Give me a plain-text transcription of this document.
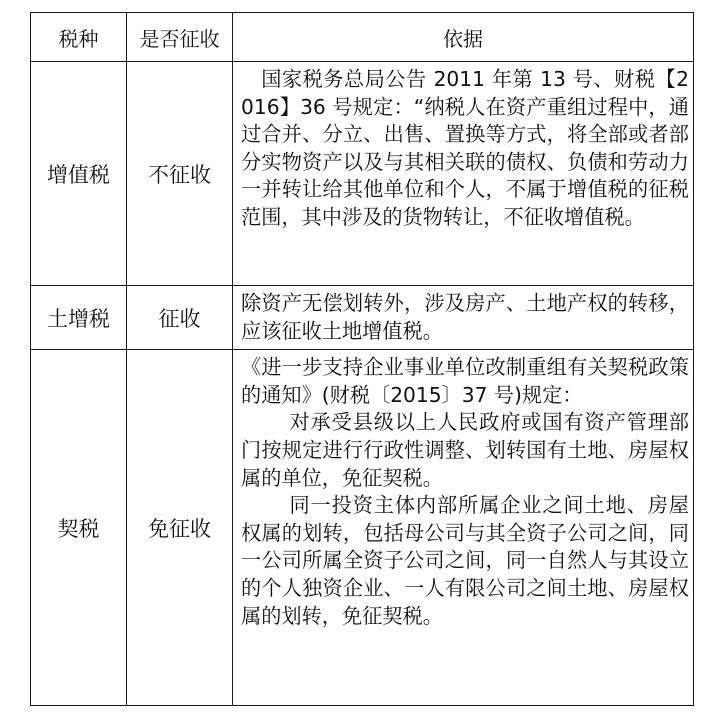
税种	是否征收	依据
增值税	不征收	国家税务总局公告 2011 年第 13 号、财税【2016】36 号规定：“纳税人在资产重组过程中，通过合并、分立、出售、置换等方式，将全部或者部分实物资产以及与其相关联的债权、负债和劳动力一并转让给其他单位和个人，不属于增值税的征税范围，其中涉及的货物转让，不征收增值税。

土增税	征收	除资产无偿划转外，涉及房产、土地产权的转移，应该征收土地增值税。

契税	免征收	《进一步支持企业事业单位改制重组有关契税政策的通知》(财税〔2015〕37 号)规定：

对承受县级以上人民政府或国有资产管理部门按规定进行行政性调整、划转国有土地、房屋权属的单位，免征契税。

同一投资主体内部所属企业之间土地、房屋权属的划转，包括母公司与其全资子公司之间，同一公司所属全资子公司之间，同一自然人与其设立的个人独资企业、一人有限公司之间土地、房屋权属的划转，免征契税。
